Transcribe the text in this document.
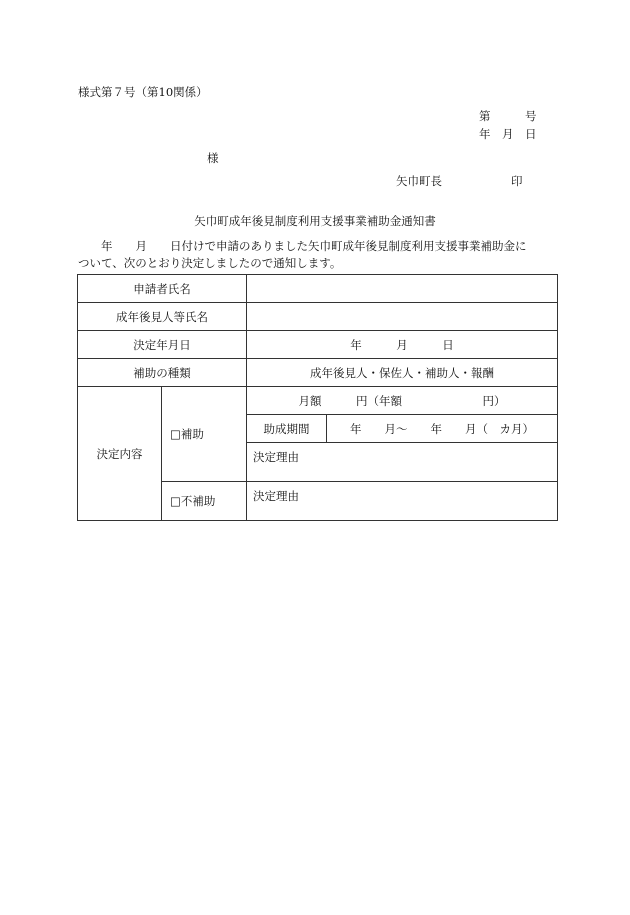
様式第７号（第10関係）
第　　　号
年　月　日
様
矢巾町長　　　　　　印
矢巾町成年後見制度利用支援事業補助金通知書
　　年　　月　　日付けで申請のありました矢巾町成年後見制度利用支援事業補助金に
ついて、次のとおり決定しましたので通知します。
申請者氏名			
成年後見人等氏名			
決定年月日		年　　　月　　　日	
補助の種類		成年後見人・保佐人・補助人・報酬	
決定内容	□補助	月額　　　円（年額　　　　　　　円）	
		助成期間	年　　月〜　　年　　月（　カ月）
		決定理由	
	□不補助	決定理由	
